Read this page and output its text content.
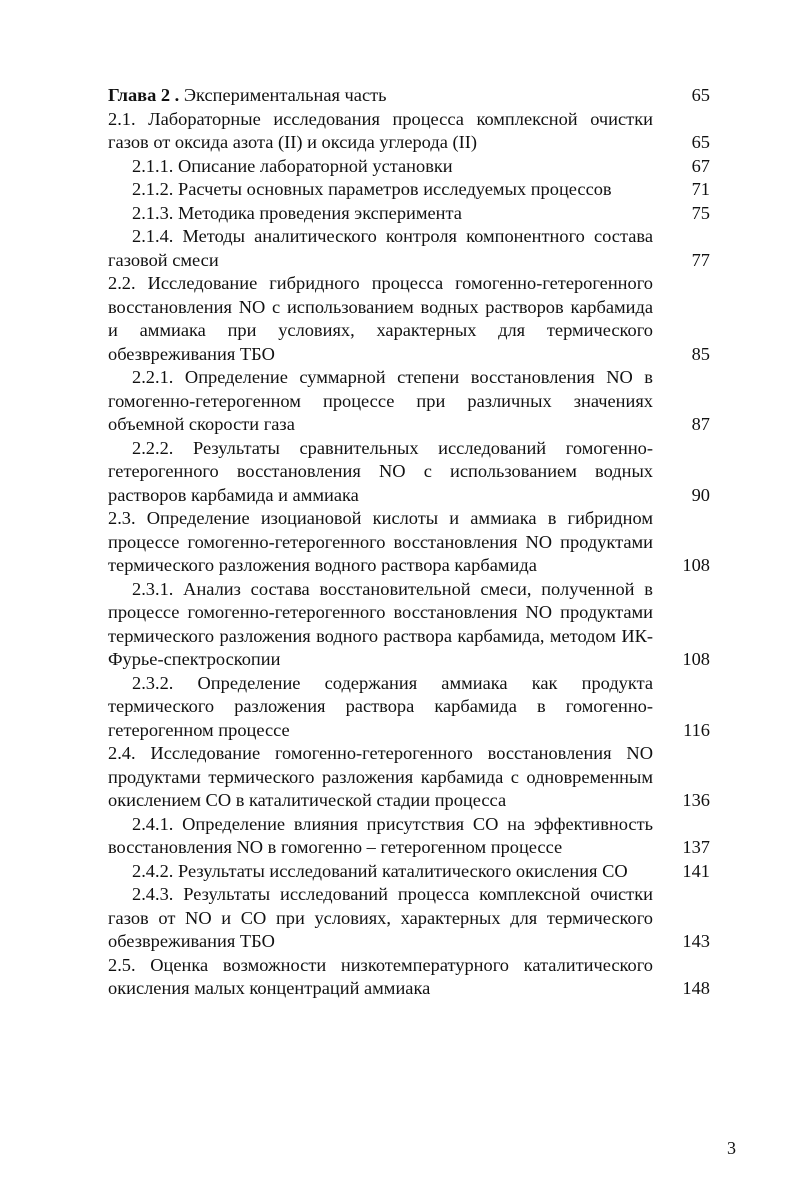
Глава 2 . Экспериментальная часть	65
2.1. Лабораторные исследования процесса комплексной очистки газов от оксида азота (II) и оксида углерода (II)	65
2.1.1. Описание лабораторной установки	67
2.1.2. Расчеты основных параметров исследуемых процессов	71
2.1.3. Методика проведения эксперимента	75
2.1.4. Методы аналитического контроля компонентного состава газовой смеси	77
2.2. Исследование гибридного процесса гомогенно-гетерогенного восстановления NO с использованием водных растворов карбамида и аммиака при условиях, характерных для термического обезвреживания ТБО	85
2.2.1. Определение суммарной степени восстановления NO в гомогенно-гетерогенном процессе при различных значениях объемной скорости газа	87
2.2.2. Результаты сравнительных исследований гомогенно-гетерогенного восстановления NO с использованием водных растворов карбамида и аммиака	90
2.3. Определение изоциановой кислоты и аммиака в гибридном процессе гомогенно-гетерогенного восстановления NO продуктами термического разложения водного раствора карбамида	108
2.3.1. Анализ состава восстановительной смеси, полученной в процессе гомогенно-гетерогенного восстановления NO продуктами термического разложения водного раствора карбамида, методом ИК-Фурье-спектроскопии	108
2.3.2. Определение содержания аммиака как продукта термического разложения раствора карбамида в гомогенно-гетерогенном процессе	116
2.4. Исследование гомогенно-гетерогенного восстановления NO продуктами термического разложения карбамида с одновременным окислением CO в каталитической стадии процесса	136
2.4.1. Определение влияния присутствия CO на эффективность восстановления NO в гомогенно – гетерогенном процессе	137
2.4.2. Результаты исследований каталитического окисления CO	141
2.4.3. Результаты исследований процесса комплексной очистки газов от NO и CO при условиях, характерных для термического обезвреживания ТБО	143
2.5. Оценка возможности низкотемпературного каталитического окисления малых концентраций аммиака	148
3
